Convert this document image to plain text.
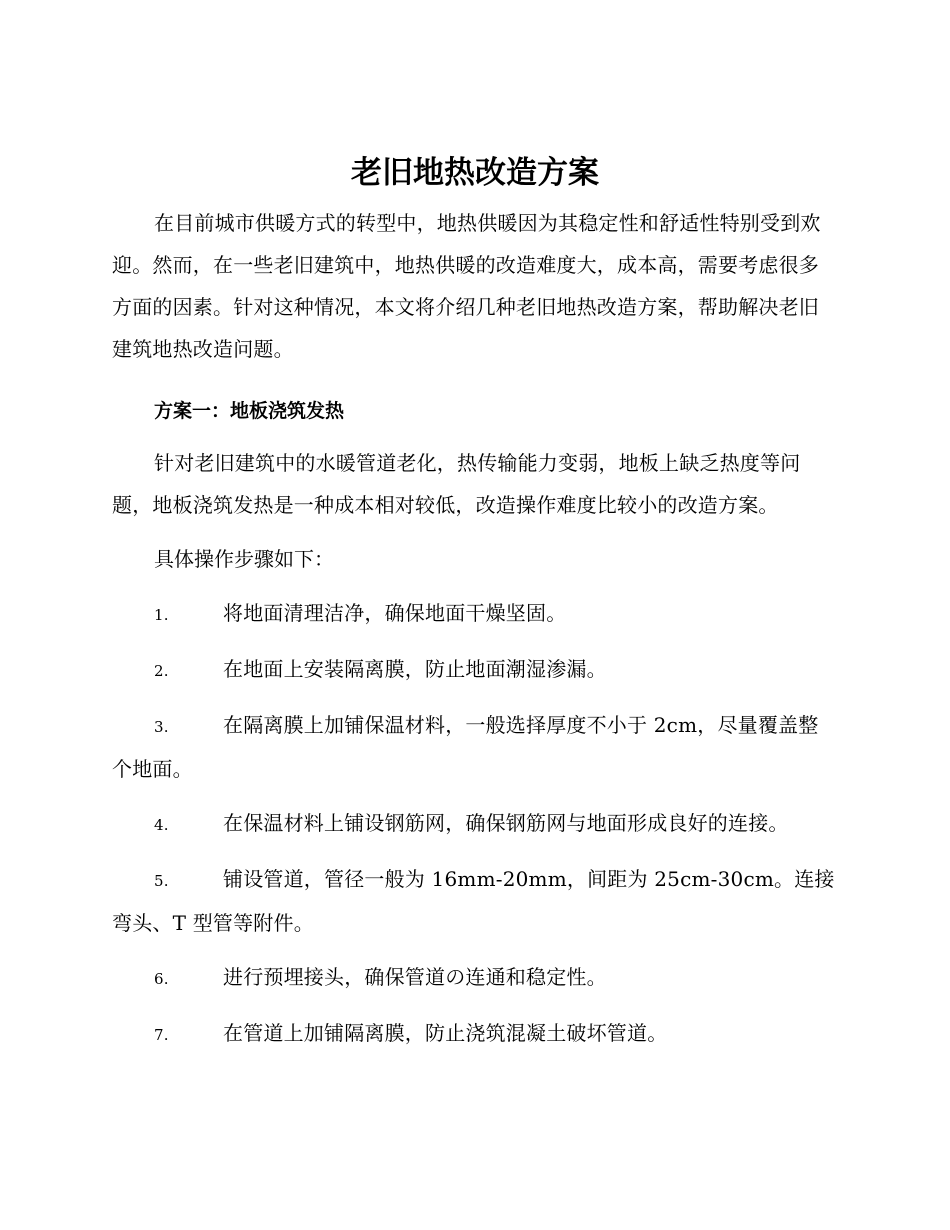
老旧地热改造方案

在目前城市供暖方式的转型中，地热供暖因为其稳定性和舒适性特别受到欢迎。然而，在一些老旧建筑中，地热供暖的改造难度大，成本高，需要考虑很多方面的因素。针对这种情况，本文将介绍几种老旧地热改造方案，帮助解决老旧建筑地热改造问题。

方案一：地板浇筑发热

针对老旧建筑中的水暖管道老化，热传输能力变弱，地板上缺乏热度等问题，地板浇筑发热是一种成本相对较低，改造操作难度比较小的改造方案。

具体操作步骤如下：

1.	将地面清理洁净，确保地面干燥坚固。

2.	在地面上安装隔离膜，防止地面潮湿渗漏。

3.	在隔离膜上加铺保温材料，一般选择厚度不小于 2cm，尽量覆盖整个地面。

4.	在保温材料上铺设钢筋网，确保钢筋网与地面形成良好的连接。

5.	铺设管道，管径一般为 16mm-20mm，间距为 25cm-30cm。连接弯头、T 型管等附件。

6.	进行预埋接头，确保管道の连通和稳定性。

7.	在管道上加铺隔离膜，防止浇筑混凝土破坏管道。
